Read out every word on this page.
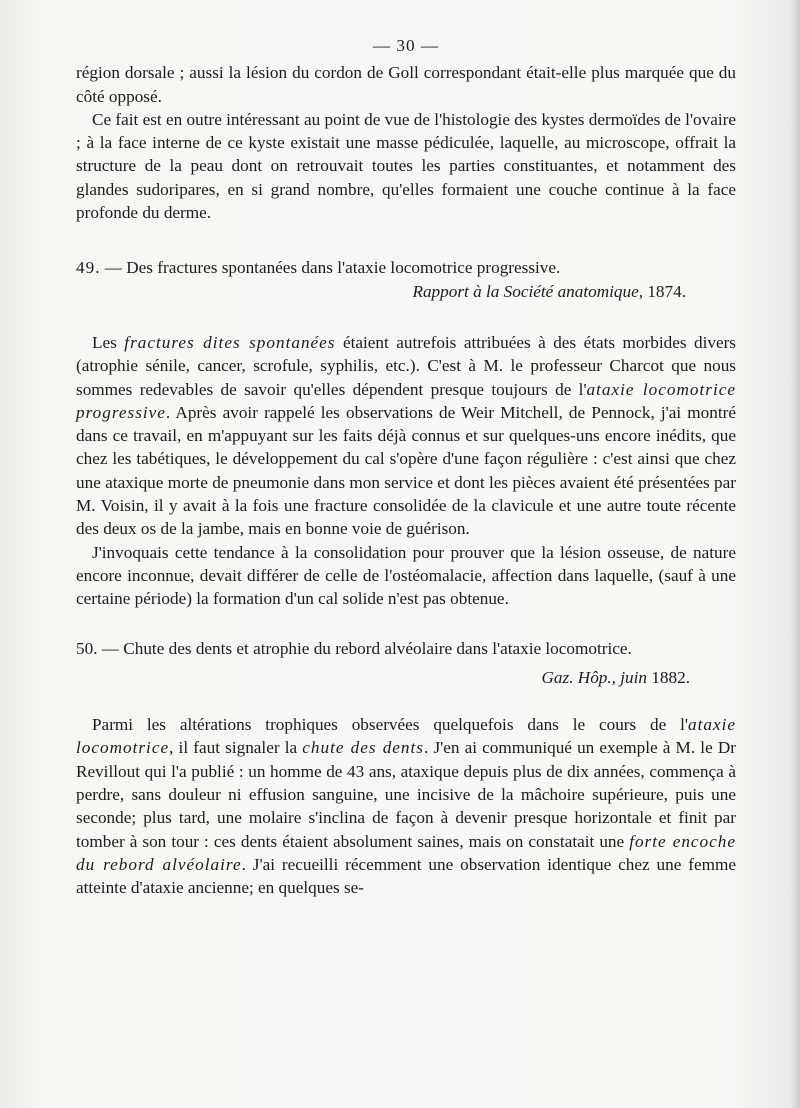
— 30 —

région dorsale ; aussi la lésion du cordon de Goll correspondant était-elle plus marquée que du côté opposé.

Ce fait est en outre intéressant au point de vue de l'histologie des kystes dermoïdes de l'ovaire ; à la face interne de ce kyste existait une masse pédiculée, laquelle, au microscope, offrait la structure de la peau dont on retrouvait toutes les parties constituantes, et notamment des glandes sudoripares, en si grand nombre, qu'elles formaient une couche continue à la face profonde du derme.

49. — Des fractures spontanées dans l'ataxie locomotrice progressive.

Rapport à la Société anatomique, 1874.

Les fractures dites spontanées étaient autrefois attribuées à des états morbides divers (atrophie sénile, cancer, scrofule, syphilis, etc.). C'est à M. le professeur Charcot que nous sommes redevables de savoir qu'elles dépendent presque toujours de l'ataxie locomotrice progressive. Après avoir rappelé les observations de Weir Mitchell, de Pennock, j'ai montré dans ce travail, en m'appuyant sur les faits déjà connus et sur quelques-uns encore inédits, que chez les tabétiques, le développement du cal s'opère d'une façon régulière : c'est ainsi que chez une ataxique morte de pneumonie dans mon service et dont les pièces avaient été présentées par M. Voisin, il y avait à la fois une fracture consolidée de la clavicule et une autre toute récente des deux os de la jambe, mais en bonne voie de guérison.

J'invoquais cette tendance à la consolidation pour prouver que la lésion osseuse, de nature encore inconnue, devait différer de celle de l'ostéomalacie, affection dans laquelle, (sauf à une certaine période) la formation d'un cal solide n'est pas obtenue.

50. — Chute des dents et atrophie du rebord alvéolaire dans l'ataxie locomotrice.

Gaz. Hôp., juin 1882.

Parmi les altérations trophiques observées quelquefois dans le cours de l'ataxie locomotrice, il faut signaler la chute des dents. J'en ai communiqué un exemple à M. le Dr Revillout qui l'a publié : un homme de 43 ans, ataxique depuis plus de dix années, commença à perdre, sans douleur ni effusion sanguine, une incisive de la mâchoire supérieure, puis une seconde; plus tard, une molaire s'inclina de façon à devenir presque horizontale et finit par tomber à son tour : ces dents étaient absolument saines, mais on constatait une forte encoche du rebord alvéolaire. J'ai recueilli récemment une observation identique chez une femme atteinte d'ataxie ancienne; en quelques se-
